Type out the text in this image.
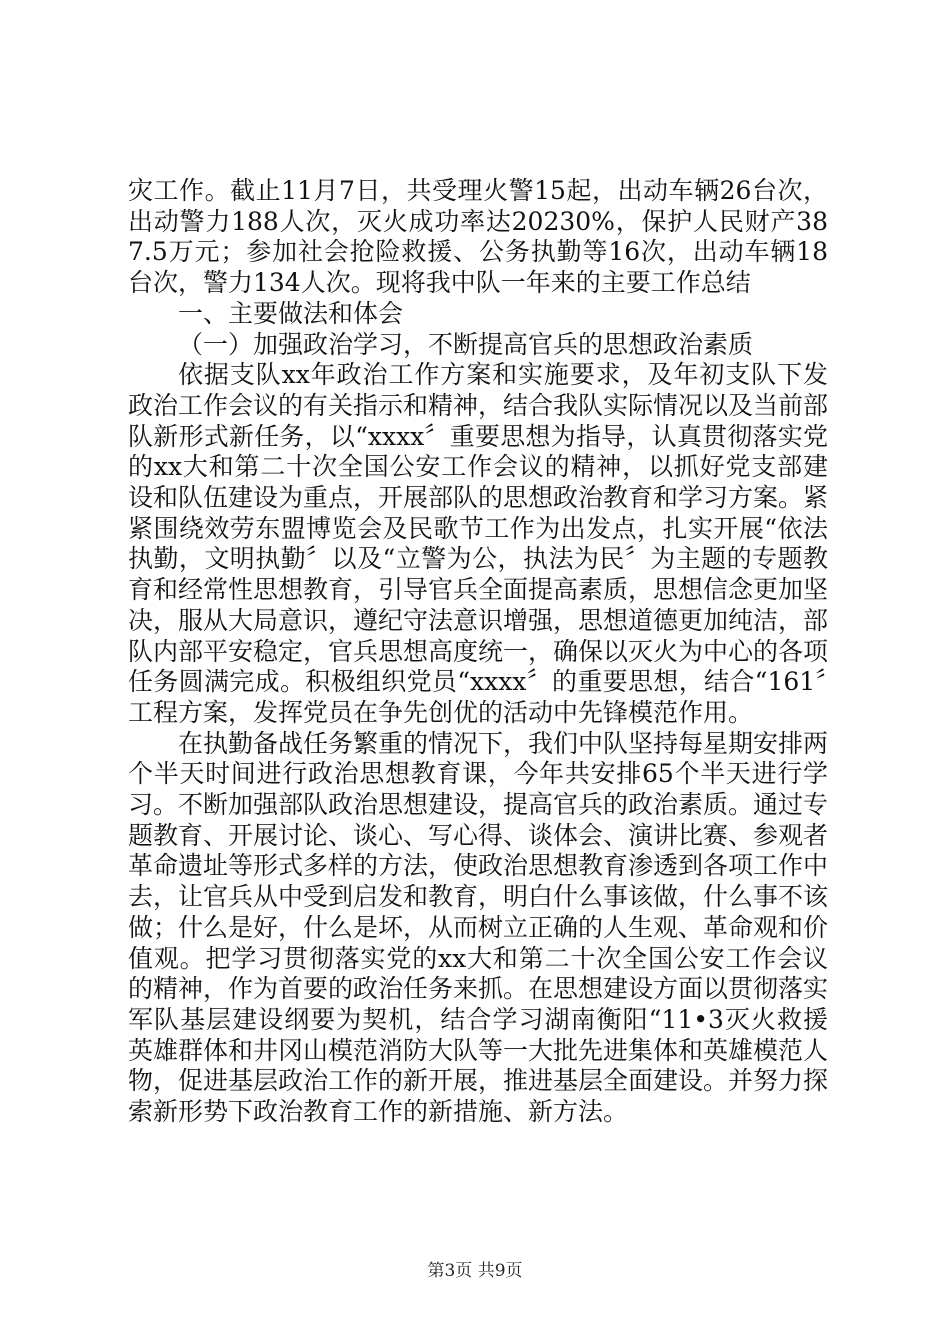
灾工作。截止11月7日，共受理火警15起，出动车辆26台次，出动警力188人次，灭火成功率达20230%，保护人民财产387.5万元；参加社会抢险救援、公务执勤等16次，出动车辆18台次，警力134人次。现将我中队一年来的主要工作总结

一、主要做法和体会

（一）加强政治学习，不断提高官兵的思想政治素质

依据支队xx年政治工作方案和实施要求，及年初支队下发政治工作会议的有关指示和精神，结合我队实际情况以及当前部队新形式新任务，以“xxxx〞重要思想为指导，认真贯彻落实党的xx大和第二十次全国公安工作会议的精神，以抓好党支部建设和队伍建设为重点，开展部队的思想政治教育和学习方案。紧紧围绕效劳东盟博览会及民歌节工作为出发点，扎实开展“依法执勤，文明执勤〞以及“立警为公，执法为民〞为主题的专题教育和经常性思想教育，引导官兵全面提高素质，思想信念更加坚决，服从大局意识，遵纪守法意识增强，思想道德更加纯洁，部队内部平安稳定，官兵思想高度统一，确保以灭火为中心的各项任务圆满完成。积极组织党员“xxxx〞的重要思想，结合“161〞工程方案，发挥党员在争先创优的活动中先锋模范作用。

在执勤备战任务繁重的情况下，我们中队坚持每星期安排两个半天时间进行政治思想教育课，今年共安排65个半天进行学习。不断加强部队政治思想建设，提高官兵的政治素质。通过专题教育、开展讨论、谈心、写心得、谈体会、演讲比赛、参观者革命遗址等形式多样的方法，使政治思想教育渗透到各项工作中去，让官兵从中受到启发和教育，明白什么事该做，什么事不该做；什么是好，什么是坏，从而树立正确的人生观、革命观和价值观。把学习贯彻落实党的xx大和第二十次全国公安工作会议的精神，作为首要的政治任务来抓。在思想建设方面以贯彻落实军队基层建设纲要为契机，结合学习湖南衡阳“11•3灭火救援英雄群体和井冈山模范消防大队等一大批先进集体和英雄模范人物，促进基层政治工作的新开展，推进基层全面建设。并努力探索新形势下政治教育工作的新措施、新方法。

第3页 共9页
